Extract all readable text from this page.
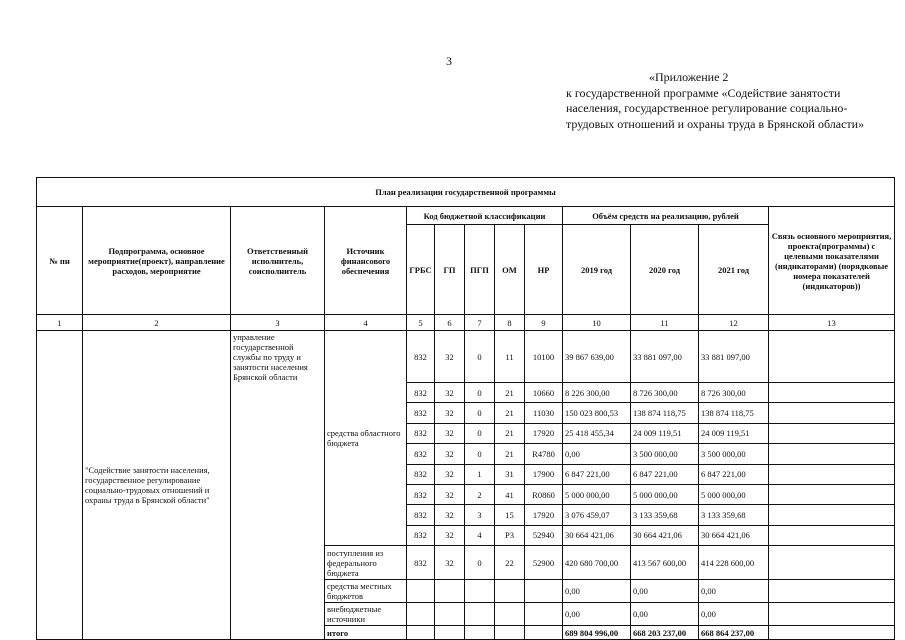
3
«Приложение 2
к государственной программе «Содействие занятости
населения, государственное регулирование социально-
трудовых отношений и охраны труда в Брянской области»
План реализации государственной программы												
№ пн	Подпрограмма, основное мероприятие(проект), направление расходов, мероприятие	Ответственный исполнитель, соисполнитель	Источник финансового обеспечения	Код бюджетной классификации					Объём средств на реализацию, рублей			Связь основного мероприятия, проекта(программы) с целевыми показателями (индикаторами) (порядковые номера показателей (индикаторов))
				ГРБС	ГП	ПГП	ОМ	НР	2019 год	2020 год	2021 год	
1	2	3	4	5	6	7	8	9	10	11	12	13
	"Содействие занятости населения, государственное регулирование социально-трудовых отношений и охраны труда в Брянской области"	управление государственной службы по труду и занятости населения Брянской области	средства областного бюджета	832	32	0	11	10100	39 867 639,00	33 881 097,00	33 881 097,00	
				832	32	0	21	10660	8 226 300,00	8 726 300,00	8 726 300,00	
				832	32	0	21	11030	150 023 800,53	138 874 118,75	138 874 118,75	
				832	32	0	21	17920	25 418 455,34	24 009 119,51	24 009 119,51	
				832	32	0	21	R4780	0,00	3 500 000,00	3 500 000,00	
				832	32	1	31	17900	6 847 221,00	6 847 221,00	6 847 221,00	
				832	32	2	41	R0860	5 000 000,00	5 000 000,00	5 000 000,00	
				832	32	3	15	17920	3 076 459,07	3 133 359,68	3 133 359,68	
				832	32	4	P3	52940	30 664 421,06	30 664 421,06	30 664 421,06	
			поступления из федерального бюджета	832	32	0	22	52900	420 680 700,00	413 567 600,00	414 228 600,00	
			средства местных бюджетов						0,00	0,00	0,00	
			внебюджетные источники						0,00	0,00	0,00	
			итого						689 804 996,00	668 203 237,00	668 864 237,00	
